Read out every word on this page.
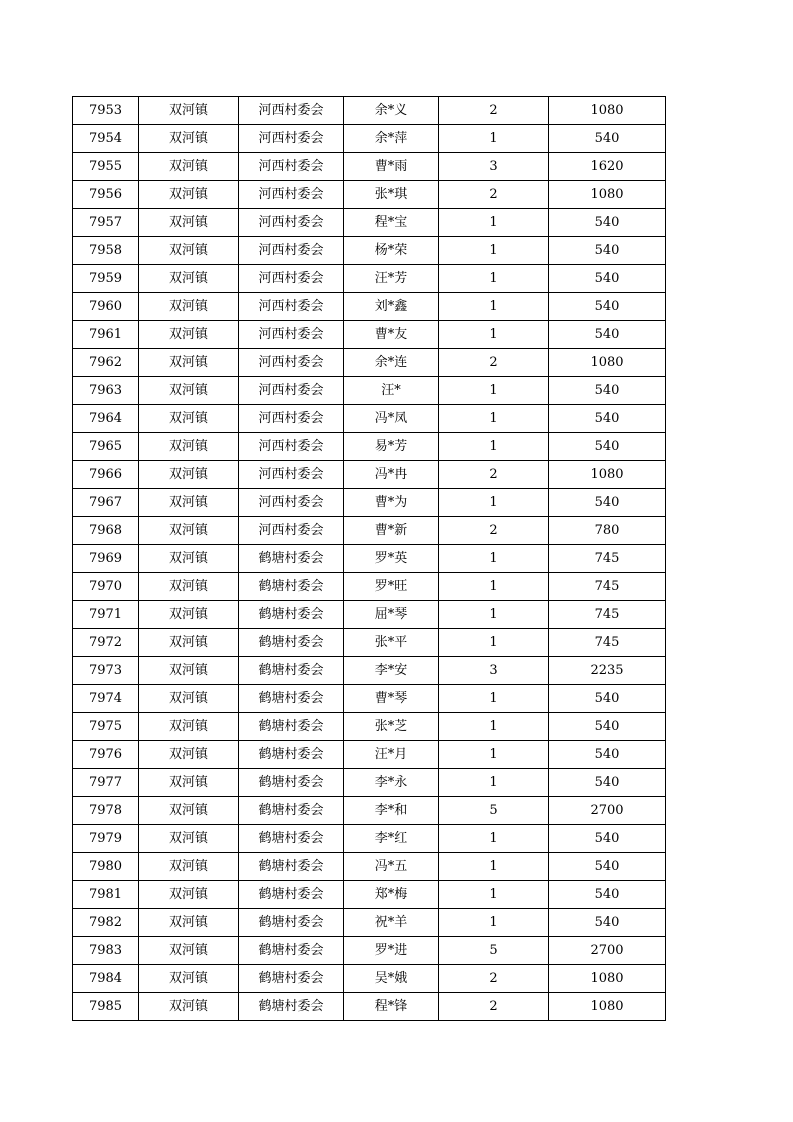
7953	双河镇	河西村委会	余*义	2	1080
7954	双河镇	河西村委会	余*萍	1	540
7955	双河镇	河西村委会	曹*雨	3	1620
7956	双河镇	河西村委会	张*琪	2	1080
7957	双河镇	河西村委会	程*宝	1	540
7958	双河镇	河西村委会	杨*荣	1	540
7959	双河镇	河西村委会	汪*芳	1	540
7960	双河镇	河西村委会	刘*鑫	1	540
7961	双河镇	河西村委会	曹*友	1	540
7962	双河镇	河西村委会	余*连	2	1080
7963	双河镇	河西村委会	汪*	1	540
7964	双河镇	河西村委会	冯*凤	1	540
7965	双河镇	河西村委会	易*芳	1	540
7966	双河镇	河西村委会	冯*冉	2	1080
7967	双河镇	河西村委会	曹*为	1	540
7968	双河镇	河西村委会	曹*新	2	780
7969	双河镇	鹤塘村委会	罗*英	1	745
7970	双河镇	鹤塘村委会	罗*旺	1	745
7971	双河镇	鹤塘村委会	屈*琴	1	745
7972	双河镇	鹤塘村委会	张*平	1	745
7973	双河镇	鹤塘村委会	李*安	3	2235
7974	双河镇	鹤塘村委会	曹*琴	1	540
7975	双河镇	鹤塘村委会	张*芝	1	540
7976	双河镇	鹤塘村委会	汪*月	1	540
7977	双河镇	鹤塘村委会	李*永	1	540
7978	双河镇	鹤塘村委会	李*和	5	2700
7979	双河镇	鹤塘村委会	李*红	1	540
7980	双河镇	鹤塘村委会	冯*五	1	540
7981	双河镇	鹤塘村委会	郑*梅	1	540
7982	双河镇	鹤塘村委会	祝*羊	1	540
7983	双河镇	鹤塘村委会	罗*进	5	2700
7984	双河镇	鹤塘村委会	吴*娥	2	1080
7985	双河镇	鹤塘村委会	程*锋	2	1080
